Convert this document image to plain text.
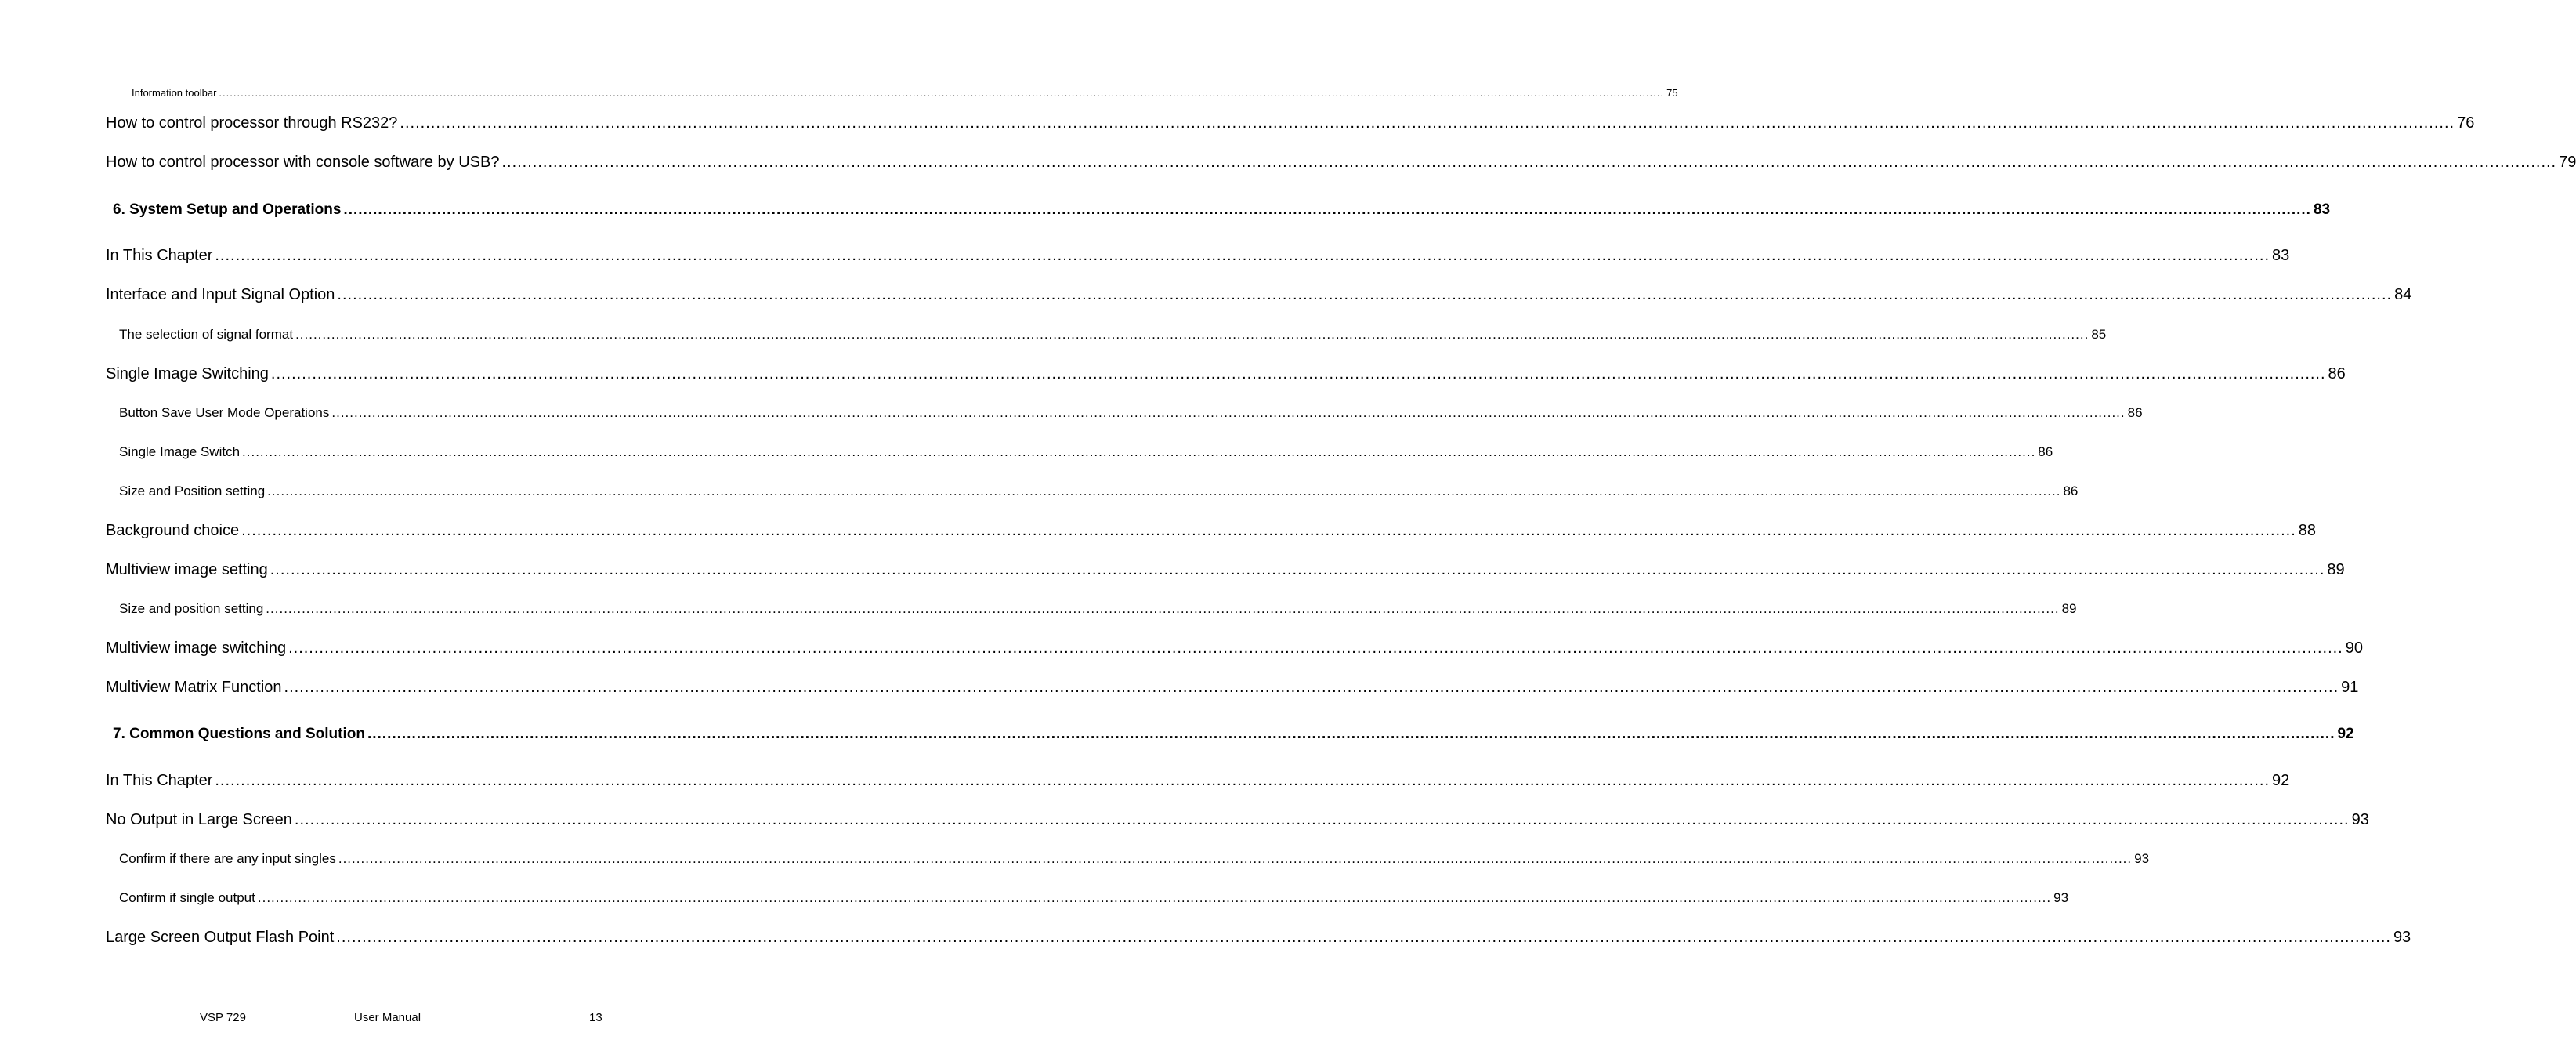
Information toolbar ................................................................................................................................................................................................................................................................................................................................................................................................................ 75
How to control processor through RS232? ................................................................................................................................................................................................................................................................................................................................................................................................................ 76
How to control processor with console software by USB? ................................................................................................................................................................................................................................................................................................................................................................................................................ 79
6. System Setup and Operations ................................................................................................................................................................................................................................................................................................................................................................................................................ 83
In This Chapter ................................................................................................................................................................................................................................................................................................................................................................................................................ 83
Interface and Input Signal Option ................................................................................................................................................................................................................................................................................................................................................................................................................ 84
The selection of signal format ................................................................................................................................................................................................................................................................................................................................................................................................................ 85
Single Image Switching ................................................................................................................................................................................................................................................................................................................................................................................................................ 86
Button Save User Mode Operations ................................................................................................................................................................................................................................................................................................................................................................................................................ 86
Single Image Switch ................................................................................................................................................................................................................................................................................................................................................................................................................ 86
Size and Position setting ................................................................................................................................................................................................................................................................................................................................................................................................................ 86
Background choice ................................................................................................................................................................................................................................................................................................................................................................................................................ 88
Multiview image setting ................................................................................................................................................................................................................................................................................................................................................................................................................ 89
Size and position setting ................................................................................................................................................................................................................................................................................................................................................................................................................ 89
Multiview image switching ................................................................................................................................................................................................................................................................................................................................................................................................................ 90
Multiview Matrix Function ................................................................................................................................................................................................................................................................................................................................................................................................................ 91
7. Common Questions and Solution ................................................................................................................................................................................................................................................................................................................................................................................................................ 92
In This Chapter ................................................................................................................................................................................................................................................................................................................................................................................................................ 92
No Output in Large Screen ................................................................................................................................................................................................................................................................................................................................................................................................................ 93
Confirm if there are any input singles ................................................................................................................................................................................................................................................................................................................................................................................................................ 93
Confirm if single output ................................................................................................................................................................................................................................................................................................................................................................................................................ 93
Large Screen Output Flash Point ................................................................................................................................................................................................................................................................................................................................................................................................................ 93
VSP 729	User Manual	13
